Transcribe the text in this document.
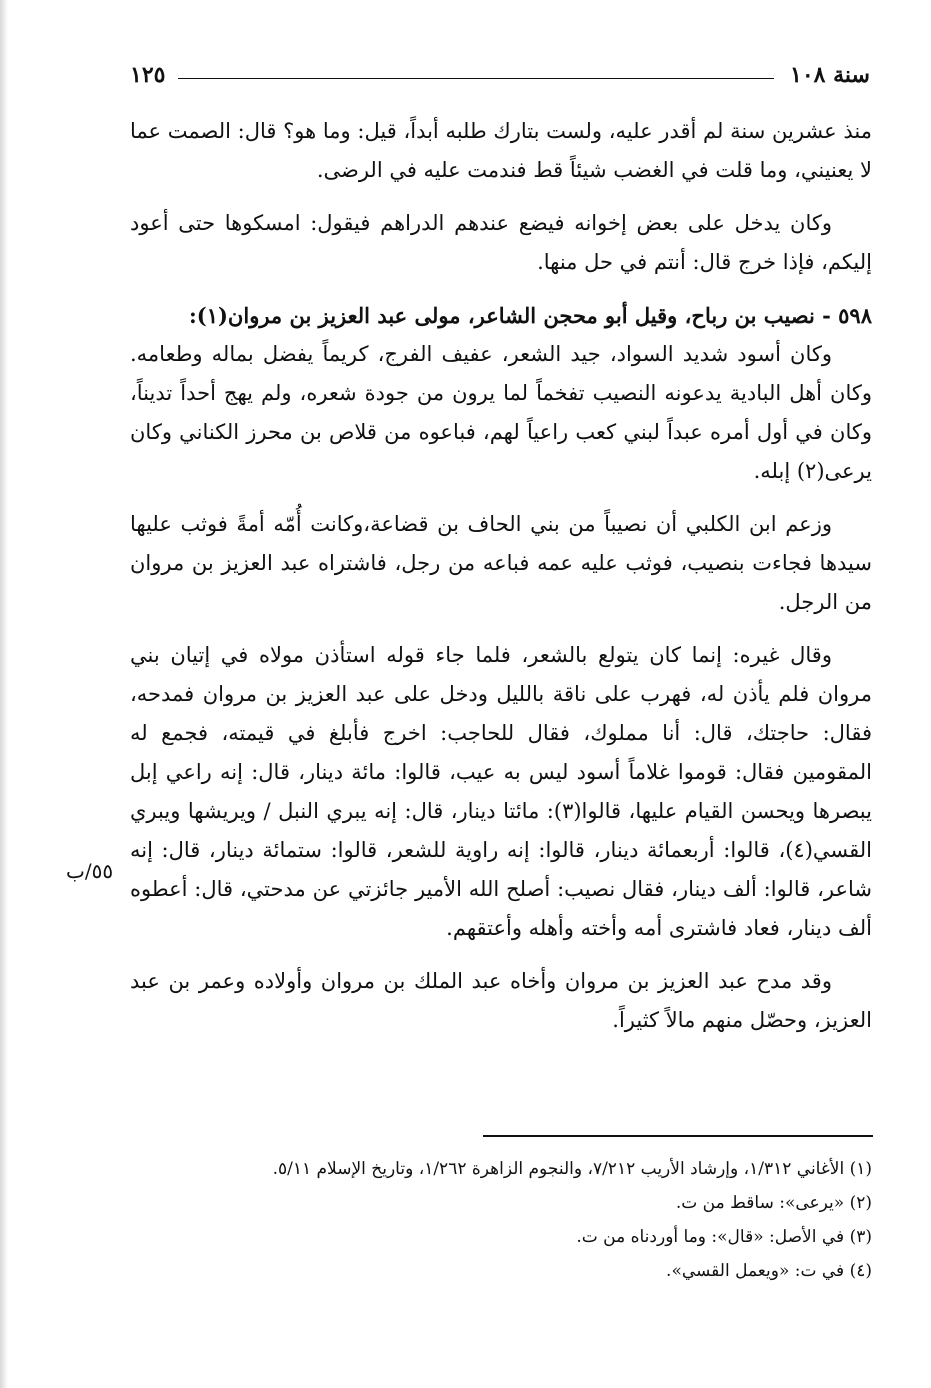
سنة ١٠٨
١٢٥

منذ عشرين سنة لم أقدر عليه، ولست بتارك طلبه أبداً، قيل: وما هو؟ قال: الصمت عما لا يعنيني، وما قلت في الغضب شيئاً قط فندمت عليه في الرضى.

وكان يدخل على بعض إخوانه فيضع عندهم الدراهم فيقول: امسكوها حتى أعود إليكم، فإذا خرج قال: أنتم في حل منها.

٥٩٨ - نصيب بن رباح، وقيل أبو محجن الشاعر، مولى عبد العزيز بن مروان(١):

وكان أسود شديد السواد، جيد الشعر، عفيف الفرج، كريماً يفضل بماله وطعامه. وكان أهل البادية يدعونه النصيب تفخماً لما يرون من جودة شعره، ولم يهج أحداً تديناً، وكان في أول أمره عبداً لبني كعب راعياً لهم، فباعوه من قلاص بن محرز الكناني وكان يرعى(٢) إبله.

وزعم ابن الكلبي أن نصيباً من بني الحاف بن قضاعة،وكانت أُمّه أمةً فوثب عليها سيدها فجاءت بنصيب، فوثب عليه عمه فباعه من رجل، فاشتراه عبد العزيز بن مروان من الرجل.

وقال غيره: إنما كان يتولع بالشعر، فلما جاء قوله استأذن مولاه في إتيان بني مروان فلم يأذن له، فهرب على ناقة بالليل ودخل على عبد العزيز بن مروان فمدحه، فقال: حاجتك، قال: أنا مملوك، فقال للحاجب: اخرج فأبلغ في قيمته، فجمع له المقومين فقال: قوموا غلاماً أسود ليس به عيب، قالوا: مائة دينار، قال: إنه راعي إبل يبصرها ويحسن القيام عليها، قالوا(٣): مائتا دينار، قال: إنه يبري النبل / ويريشها ويبري القسي(٤)، قالوا: أربعمائة دينار، قالوا: إنه راوية للشعر، قالوا: ستمائة دينار، قال: إنه شاعر، قالوا: ألف دينار، فقال نصيب: أصلح الله الأمير جائزتي عن مدحتي، قال: أعطوه ألف دينار، فعاد فاشترى أمه وأخته وأهله وأعتقهم.

وقد مدح عبد العزيز بن مروان وأخاه عبد الملك بن مروان وأولاده وعمر بن عبد العزيز، وحصّل منهم مالاً كثيراً.

٥٥/ب

(١) الأغاني ١/٣١٢، وإرشاد الأريب ٧/٢١٢، والنجوم الزاهرة ١/٢٦٢، وتاريخ الإسلام ٥/١١.

(٢) «يرعى»: ساقط من ت.

(٣) في الأصل: «قال»: وما أوردناه من ت.

(٤) في ت: «ويعمل القسي».
